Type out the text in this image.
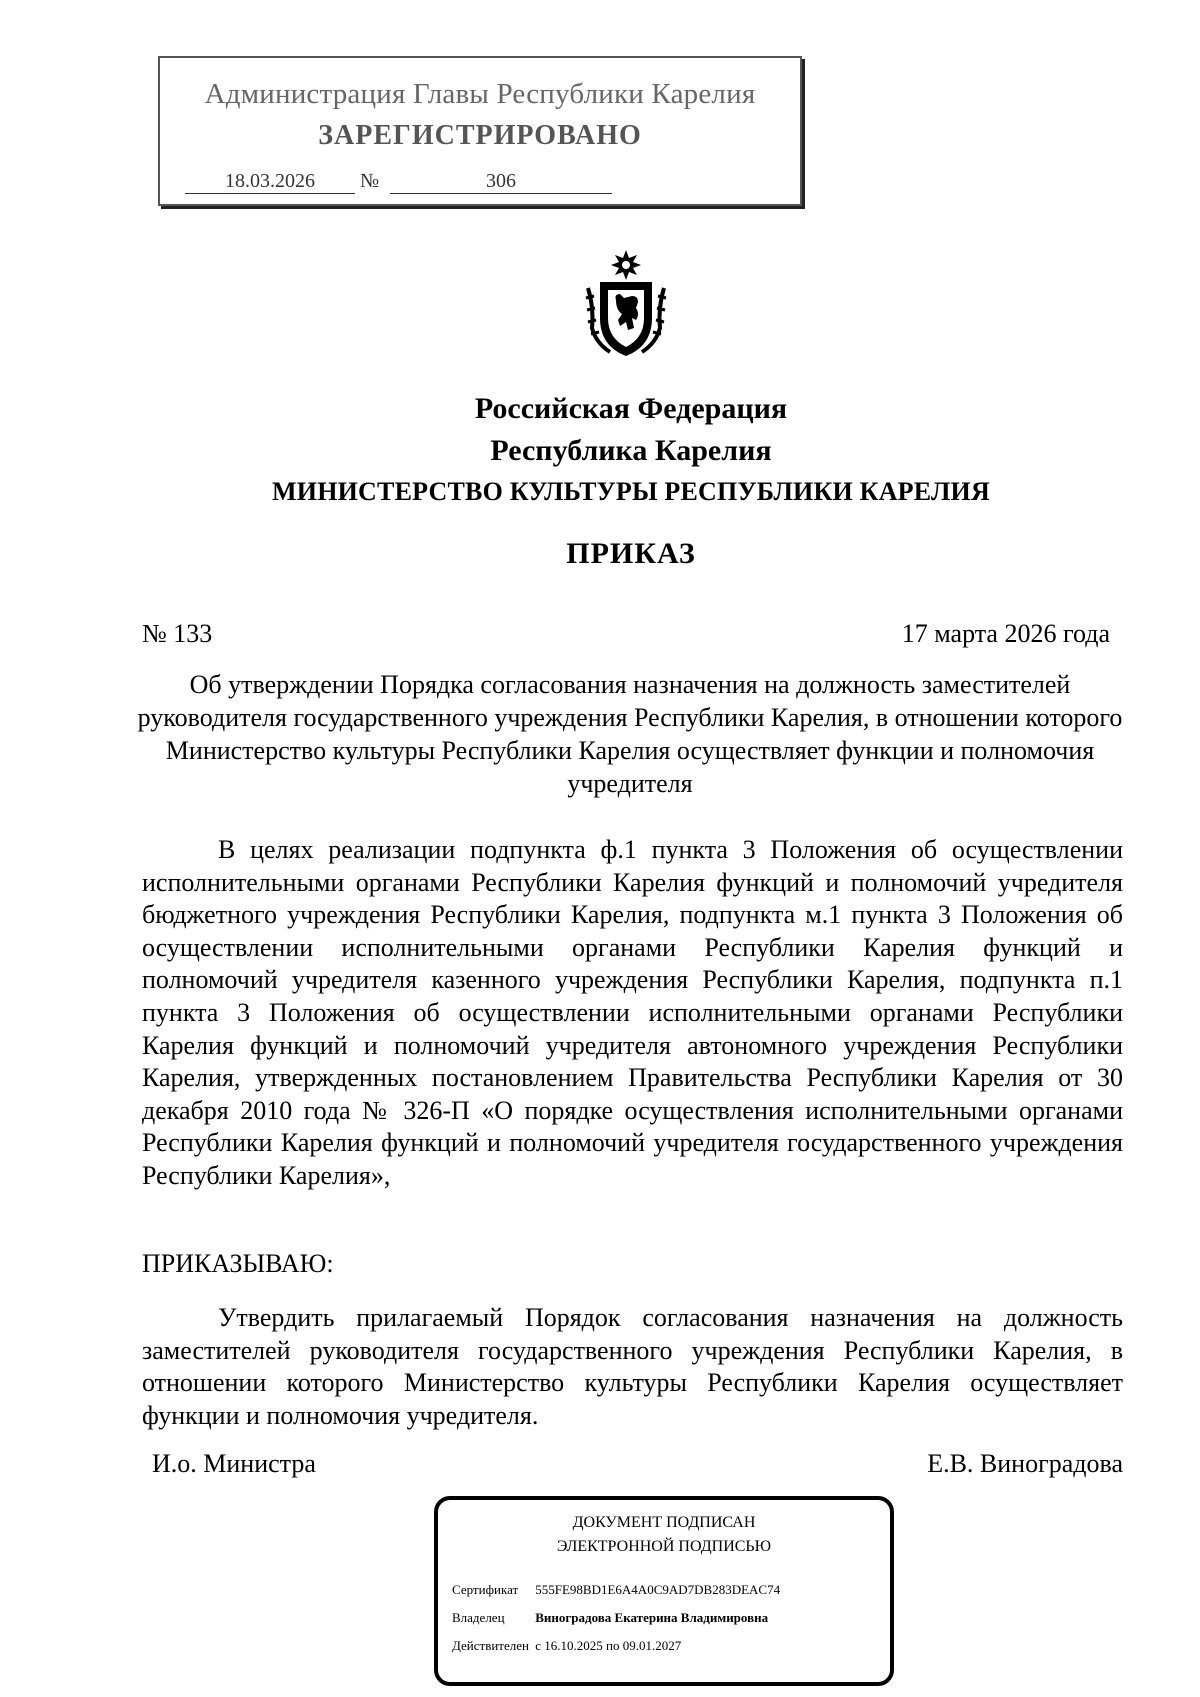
Администрация Главы Республики Карелия
ЗАРЕГИСТРИРОВАНО
18.03.2026	№	306
Российская Федерация
Республика Карелия
МИНИСТЕРСТВО КУЛЬТУРЫ РЕСПУБЛИКИ КАРЕЛИЯ
ПРИКАЗ
№ 133	17 марта 2026 года
Об утверждении Порядка согласования назначения на должность заместителей руководителя государственного учреждения Республики Карелия, в отношении которого Министерство культуры Республики Карелия осуществляет функции и полномочия учредителя
В целях реализации подпункта ф.1 пункта 3 Положения об осуществлении исполнительными органами Республики Карелия функций и полномочий учредителя бюджетного учреждения Республики Карелия, подпункта м.1 пункта 3 Положения об осуществлении исполнительными органами Республики Карелия функций и полномочий учредителя казенного учреждения Республики Карелия, подпункта п.1 пункта 3 Положения об осуществлении исполнительными органами Республики Карелия функций и полномочий учредителя автономного учреждения Республики Карелия, утвержденных постановлением Правительства Республики Карелия от 30 декабря 2010 года № 326-П «О порядке осуществления исполнительными органами Республики Карелия функций и полномочий учредителя государственного учреждения Республики Карелия»,
ПРИКАЗЫВАЮ:
Утвердить прилагаемый Порядок согласования назначения на должность заместителей руководителя государственного учреждения Республики Карелия, в отношении которого Министерство культуры Республики Карелия осуществляет функции и полномочия учредителя.
И.о. Министра	Е.В. Виноградова
ДОКУМЕНТ ПОДПИСАН
ЭЛЕКТРОННОЙ ПОДПИСЬЮ
Сертификат 555FE98BD1E6A4A0C9AD7DB283DEAC74
Владелец Виноградова Екатерина Владимировна
Действителен с 16.10.2025 по 09.01.2027
